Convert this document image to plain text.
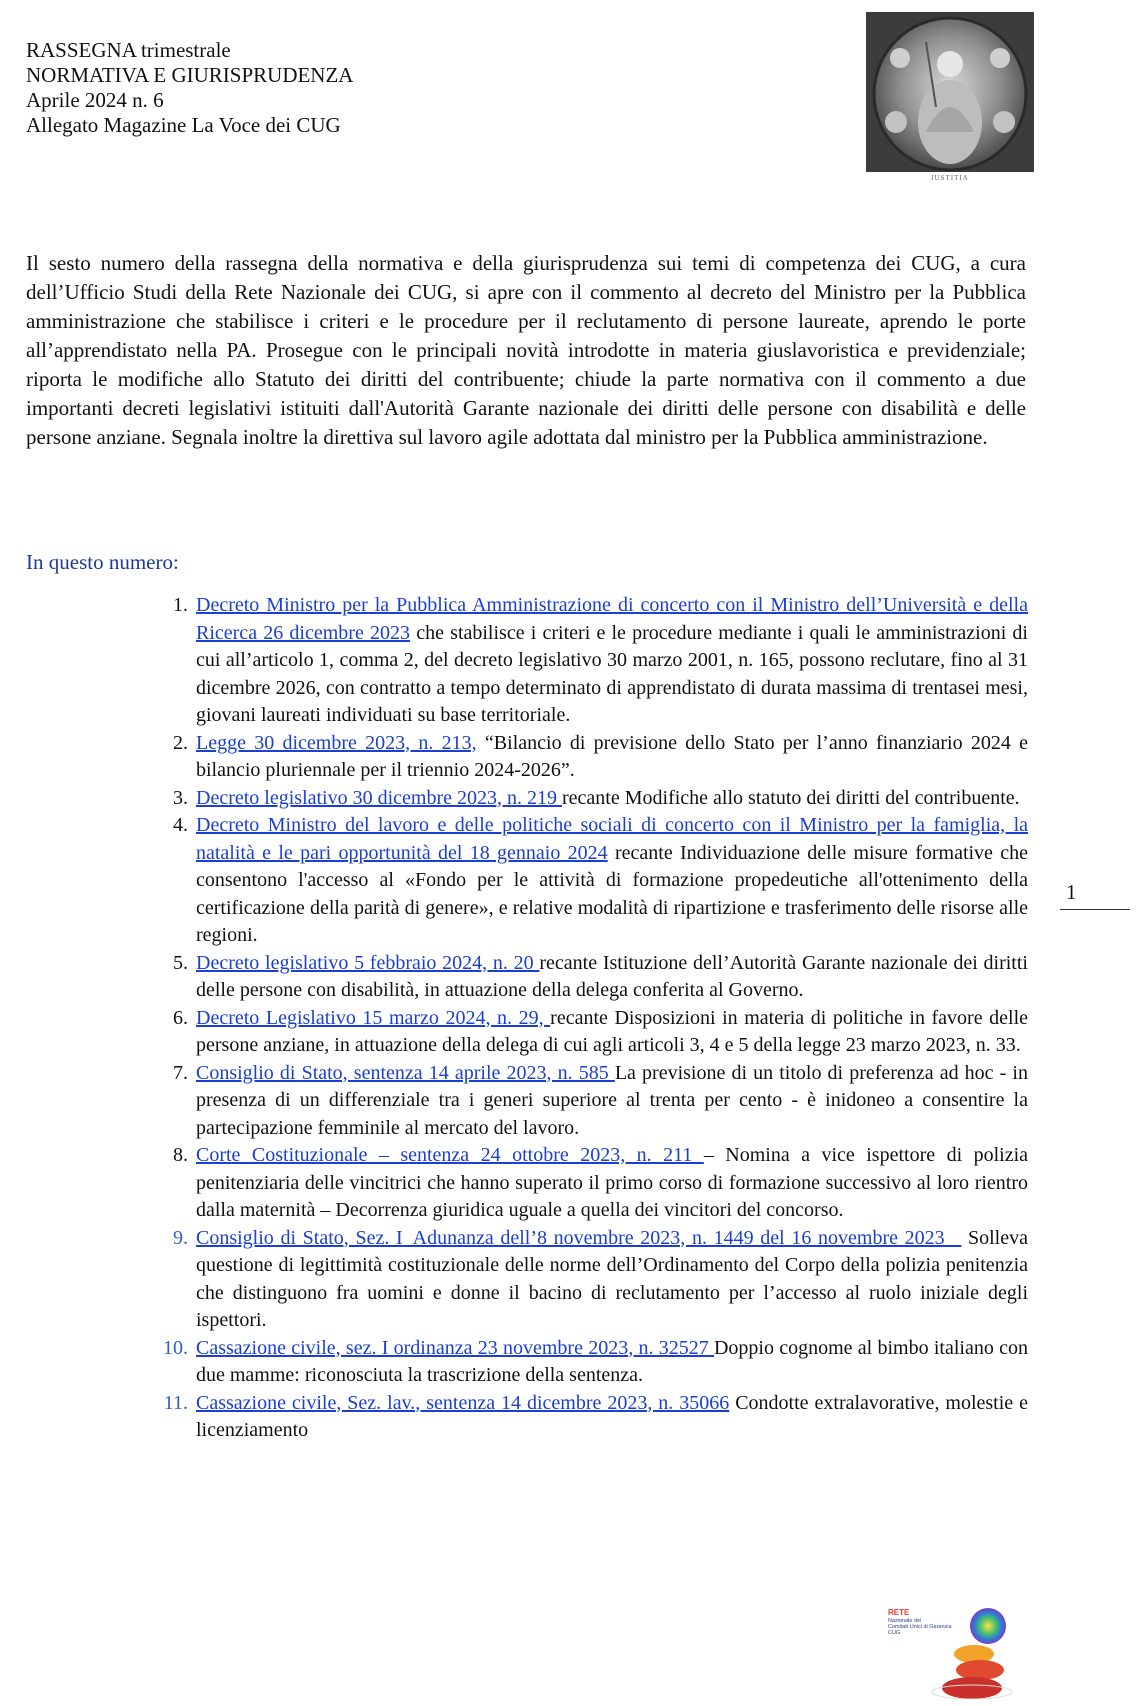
RASSEGNA trimestrale
NORMATIVA E GIURISPRUDENZA
Aprile 2024 n. 6
Allegato Magazine La Voce dei CUG
IUSTITIA
Il sesto numero della rassegna della normativa e della giurisprudenza sui temi di competenza dei CUG, a cura dell’Ufficio Studi della Rete Nazionale dei CUG, si apre con il commento al decreto del Ministro per la Pubblica amministrazione che stabilisce i criteri e le procedure per il reclutamento di persone laureate, aprendo le porte all’apprendistato nella PA. Prosegue con le principali novità introdotte in materia giuslavoristica e previdenziale; riporta le modifiche allo Statuto dei diritti del contribuente; chiude la parte normativa con il commento a due importanti decreti legislativi istituiti dall'Autorità Garante nazionale dei diritti delle persone con disabilità e delle persone anziane. Segnala inoltre la direttiva sul lavoro agile adottata dal ministro per la Pubblica amministrazione.
In questo numero:
1. Decreto Ministro per la Pubblica Amministrazione di concerto con il Ministro dell’Università e della Ricerca 26 dicembre 2023 che stabilisce i criteri e le procedure mediante i quali le amministrazioni di cui all’articolo 1, comma 2, del decreto legislativo 30 marzo 2001, n. 165, possono reclutare, fino al 31 dicembre 2026, con contratto a tempo determinato di apprendistato di durata massima di trentasei mesi, giovani laureati individuati su base territoriale.
2. Legge 30 dicembre 2023, n. 213, “Bilancio di previsione dello Stato per l’anno finanziario 2024 e bilancio pluriennale per il triennio 2024-2026”.
3. Decreto legislativo 30 dicembre 2023, n. 219 recante Modifiche allo statuto dei diritti del contribuente.
4. Decreto Ministro del lavoro e delle politiche sociali di concerto con il Ministro per la famiglia, la natalità e le pari opportunità del 18 gennaio 2024 recante Individuazione delle misure formative che consentono l'accesso al «Fondo per le attività di formazione propedeutiche all'ottenimento della certificazione della parità di genere», e relative modalità di ripartizione e trasferimento delle risorse alle regioni.
5. Decreto legislativo 5 febbraio 2024, n. 20 recante Istituzione dell’Autorità Garante nazionale dei diritti delle persone con disabilità, in attuazione della delega conferita al Governo.
6. Decreto Legislativo 15 marzo 2024, n. 29, recante Disposizioni in materia di politiche in favore delle persone anziane, in attuazione della delega di cui agli articoli 3, 4 e 5 della legge 23 marzo 2023, n. 33.
7. Consiglio di Stato, sentenza 14 aprile 2023, n. 585 La previsione di un titolo di preferenza ad hoc - in presenza di un differenziale tra i generi superiore al trenta per cento - è inidoneo a consentire la partecipazione femminile al mercato del lavoro.
8. Corte Costituzionale – sentenza 24 ottobre 2023, n. 211 – Nomina a vice ispettore di polizia penitenziaria delle vincitrici che hanno superato il primo corso di formazione successivo al loro rientro dalla maternità – Decorrenza giuridica uguale a quella dei vincitori del concorso.
9. Consiglio di Stato, Sez. I_Adunanza dell’8 novembre 2023, n. 1449 del 16 novembre 2023 _ Solleva questione di legittimità costituzionale delle norme dell’Ordinamento del Corpo della polizia penitenzia che distinguono fra uomini e donne il bacino di reclutamento per l’accesso al ruolo iniziale degli ispettori.
10. Cassazione civile, sez. I ordinanza 23 novembre 2023, n. 32527 Doppio cognome al bimbo italiano con due mamme: riconosciuta la trascrizione della sentenza.
11. Cassazione civile, Sez. lav., sentenza 14 dicembre 2023, n. 35066 Condotte extralavorative, molestie e licenziamento
1
RETE
Nazionale dei
Comitati Unici di Garanzia
CUG
